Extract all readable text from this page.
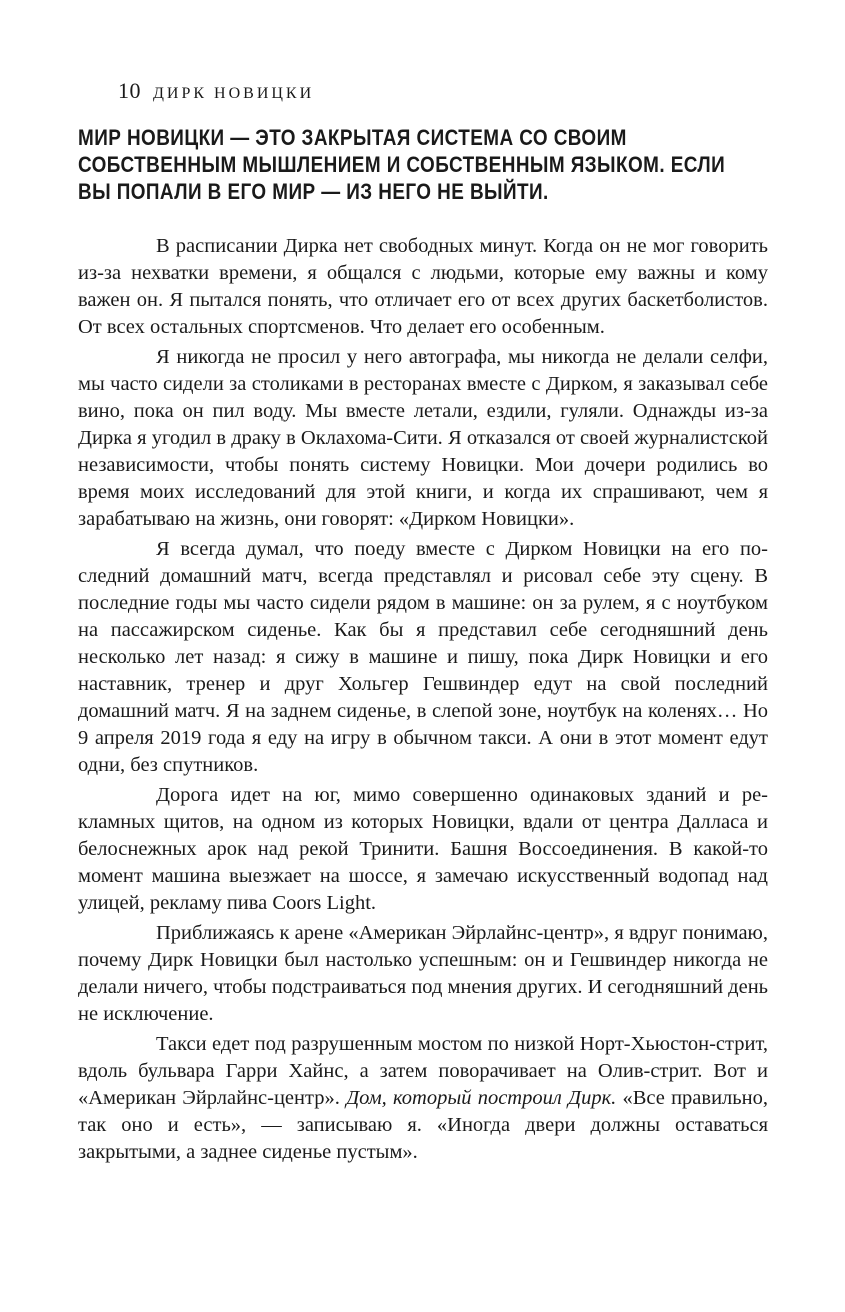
10 ДИРК НОВИЦКИ
МИР НОВИЦКИ — ЭТО ЗАКРЫТАЯ СИСТЕМА СО СВОИМ
СОБСТВЕННЫМ МЫШЛЕНИЕМ И СОБСТВЕННЫМ ЯЗЫКОМ. ЕСЛИ
ВЫ ПОПАЛИ В ЕГО МИР — ИЗ НЕГО НЕ ВЫЙТИ.

В расписании Дирка нет свободных минут. Когда он не мог говорить из-за нехватки времени, я общался с людьми, которые ему важны и кому важен он. Я пытался понять, что отличает его от всех других баскетболистов. От всех остальных спортсменов. Что делает его особенным.

Я никогда не просил у него автографа, мы никогда не делали селфи, мы часто сидели за столиками в ресторанах вместе с Дирком, я заказывал себе вино, пока он пил воду. Мы вместе летали, ездили, гуляли. Однажды из-за Дирка я угодил в драку в Оклахома-Сити. Я отказался от своей журналистской независимости, чтобы понять систему Новицки. Мои дочери родились во время моих исследований для этой книги, и когда их спрашивают, чем я зарабатываю на жизнь, они говорят: «Дирком Новицки».

Я всегда думал, что поеду вместе с Дирком Новицки на его последний домашний матч, всегда представлял и рисовал себе эту сцену. В последние годы мы часто сидели рядом в машине: он за рулем, я с ноутбуком на пассажирском сиденье. Как бы я представил себе сегодняшний день несколько лет назад: я сижу в машине и пишу, пока Дирк Новицки и его наставник, тренер и друг Хольгер Гешвиндер едут на свой последний домашний матч. Я на заднем сиденье, в слепой зоне, ноутбук на коленях… Но 9 апреля 2019 года я еду на игру в обычном такси. А они в этот момент едут одни, без спутников.

Дорога идет на юг, мимо совершенно одинаковых зданий и рекламных щитов, на одном из которых Новицки, вдали от центра Далласа и белоснежных арок над рекой Тринити. Башня Воссоединения. В какой-то момент машина выезжает на шоссе, я замечаю искусственный водопад над улицей, рекламу пива Coors Light.

Приближаясь к арене «Американ Эйрлайнс-центр», я вдруг понимаю, почему Дирк Новицки был настолько успешным: он и Гешвиндер никогда не делали ничего, чтобы подстраиваться под мнения других. И сегодняшний день не исключение.

Такси едет под разрушенным мостом по низкой Норт-Хьюстон-стрит, вдоль бульвара Гарри Хайнс, а затем поворачивает на Олив-стрит. Вот и «Американ Эйрлайнс-центр». Дом, который построил Дирк. «Все правильно, так оно и есть», — записываю я. «Иногда двери должны оставаться закрытыми, а заднее сиденье пустым».
